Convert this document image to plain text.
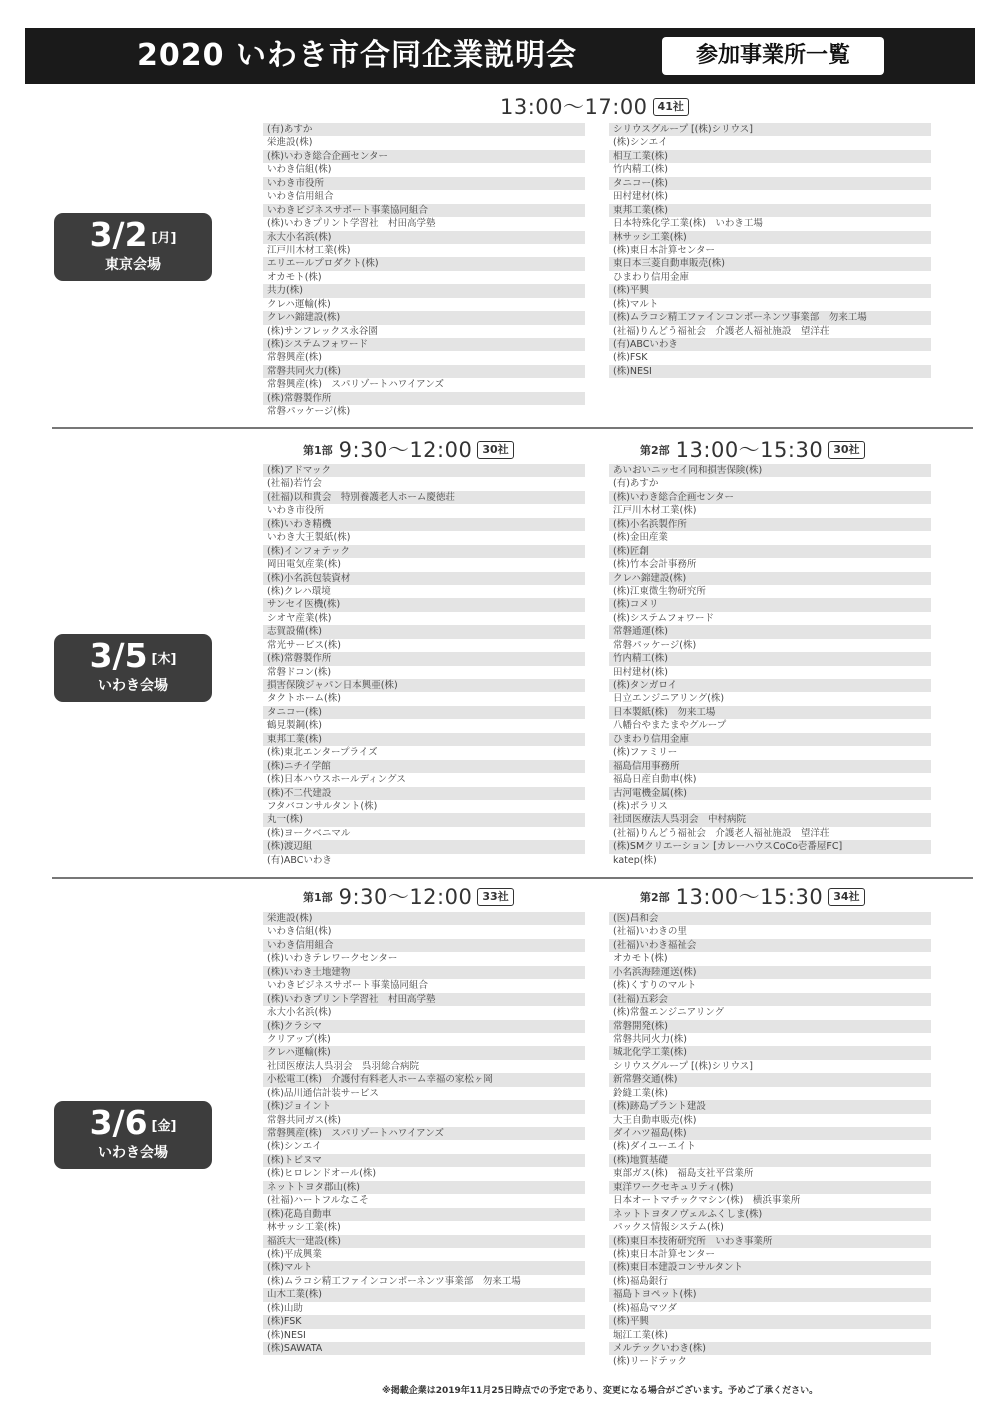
2020 いわき市合同企業説明会	参加事業所一覧
3/2 [月]
東京会場
13:00～17:00 41社
(有)あすか
栄進設(株)
(株)いわき総合企画センター
いわき信組(株)
いわき市役所
いわき信用組合
いわきビジネスサポート事業協同組合
(株)いわきプリント学習社　村田高学塾
永大小名浜(株)
江戸川木材工業(株)
エリエールプロダクト(株)
オカモト(株)
共力(株)
クレハ運輸(株)
クレハ錦建設(株)
(株)サンフレックス永谷園
(株)システムフォワード
常磐興産(株)
常磐共同火力(株)
常磐興産(株)　スパリゾートハワイアンズ
(株)常磐製作所
常磐パッケージ(株)
シリウスグループ [(株)シリウス]
(株)シンエイ
相互工業(株)
竹内精工(株)
タニコー(株)
田村建材(株)
東邦工業(株)
日本特殊化学工業(株)　いわき工場
林サッシ工業(株)
(株)東日本計算センター
東日本三菱自動車販売(株)
ひまわり信用金庫
(株)平興
(株)マルト
(株)ムラコシ精工ファインコンポーネンツ事業部　勿来工場
(社福)りんどう福祉会　介護老人福祉施設　望洋荘
(有)ABCいわき
(株)FSK
(株)NESI
3/5 [木]
いわき会場
第1部 9:30～12:00 30社	第2部 13:00～15:30 30社
(株)アドマック
(社福)若竹会
(社福)以和貴会　特別養護老人ホーム慶徳荘
いわき市役所
(株)いわき精機
いわき大王製紙(株)
(株)インフォテック
岡田電気産業(株)
(株)小名浜包装資材
(株)クレハ環境
サンセイ医機(株)
シオヤ産業(株)
志賀設備(株)
常光サービス(株)
(株)常磐製作所
常磐ドコン(株)
損害保険ジャパン日本興亜(株)
タクトホーム(株)
タニコー(株)
鶴見製鋼(株)
東邦工業(株)
(株)東北エンタープライズ
(株)ニチイ学館
(株)日本ハウスホールディングス
(株)不二代建設
フタバコンサルタント(株)
丸一(株)
(株)ヨークベニマル
(株)渡辺組
(有)ABCいわき
あいおいニッセイ同和損害保険(株)
(有)あすか
(株)いわき総合企画センター
江戸川木材工業(株)
(株)小名浜製作所
(株)金田産業
(株)匠創
(株)竹本会計事務所
クレハ錦建設(株)
(株)江東微生物研究所
(株)コメリ
(株)システムフォワード
常磐通運(株)
常磐パッケージ(株)
竹内精工(株)
田村建材(株)
(株)タンガロイ
日立エンジニアリング(株)
日本製紙(株)　勿来工場
八幡台やまたまやグループ
ひまわり信用金庫
(株)ファミリー
福島信用事務所
福島日産自動車(株)
古河電機金属(株)
(株)ポラリス
社団医療法人呉羽会　中村病院
(社福)りんどう福祉会　介護老人福祉施設　望洋荘
(株)SMクリエーション [カレーハウスCoCo壱番屋FC]
katep(株)
3/6 [金]
いわき会場
第1部 9:30～12:00 33社	第2部 13:00～15:30 34社
栄進設(株)
いわき信組(株)
いわき信用組合
(株)いわきテレワークセンター
(株)いわき土地建物
いわきビジネスサポート事業協同組合
(株)いわきプリント学習社　村田高学塾
永大小名浜(株)
(株)クラシマ
クリアップ(株)
クレハ運輸(株)
社団医療法人呉羽会　呉羽総合病院
小松電工(株)　介護付有料老人ホーム幸福の家松ヶ岡
(株)品川通信計装サービス
(株)ジョイント
常磐共同ガス(株)
常磐興産(株)　スパリゾートハワイアンズ
(株)シンエイ
(株)トビヌマ
(株)ヒロレンドオール(株)
ネットトヨタ郡山(株)
(社福)ハートフルなこそ
(株)花島自動車
林サッシ工業(株)
福浜大一建設(株)
(株)平成興業
(株)マルト
(株)ムラコシ精工ファインコンポーネンツ事業部　勿来工場
山木工業(株)
(株)山助
(株)FSK
(株)NESI
(株)SAWATA
(医)昌和会
(社福)いわきの里
(社福)いわき福祉会
オカモト(株)
小名浜海陸運送(株)
(株)くすりのマルト
(社福)五彩会
(株)常盤エンジニアリング
常磐開発(株)
常磐共同火力(株)
城北化学工業(株)
シリウスグループ [(株)シリウス]
新常磐交通(株)
鈴縫工業(株)
(株)跡島プラント建設
大王自動車販売(株)
ダイハツ福島(株)
(株)ダイユーエイト
(株)地質基礎
東部ガス(株)　福島支社平営業所
東洋ワークセキュリティ(株)
日本オートマチックマシン(株)　横浜事業所
ネットトヨタノヴェルふくしま(株)
パックス情報システム(株)
(株)東日本技術研究所　いわき事業所
(株)東日本計算センター
(株)東日本建設コンサルタント
(株)福島銀行
福島トヨペット(株)
(株)福島マツダ
(株)平興
堀江工業(株)
メルテックいわき(株)
(株)リードテック
※掲載企業は2019年11月25日時点での予定であり、変更になる場合がございます。予めご了承ください。
